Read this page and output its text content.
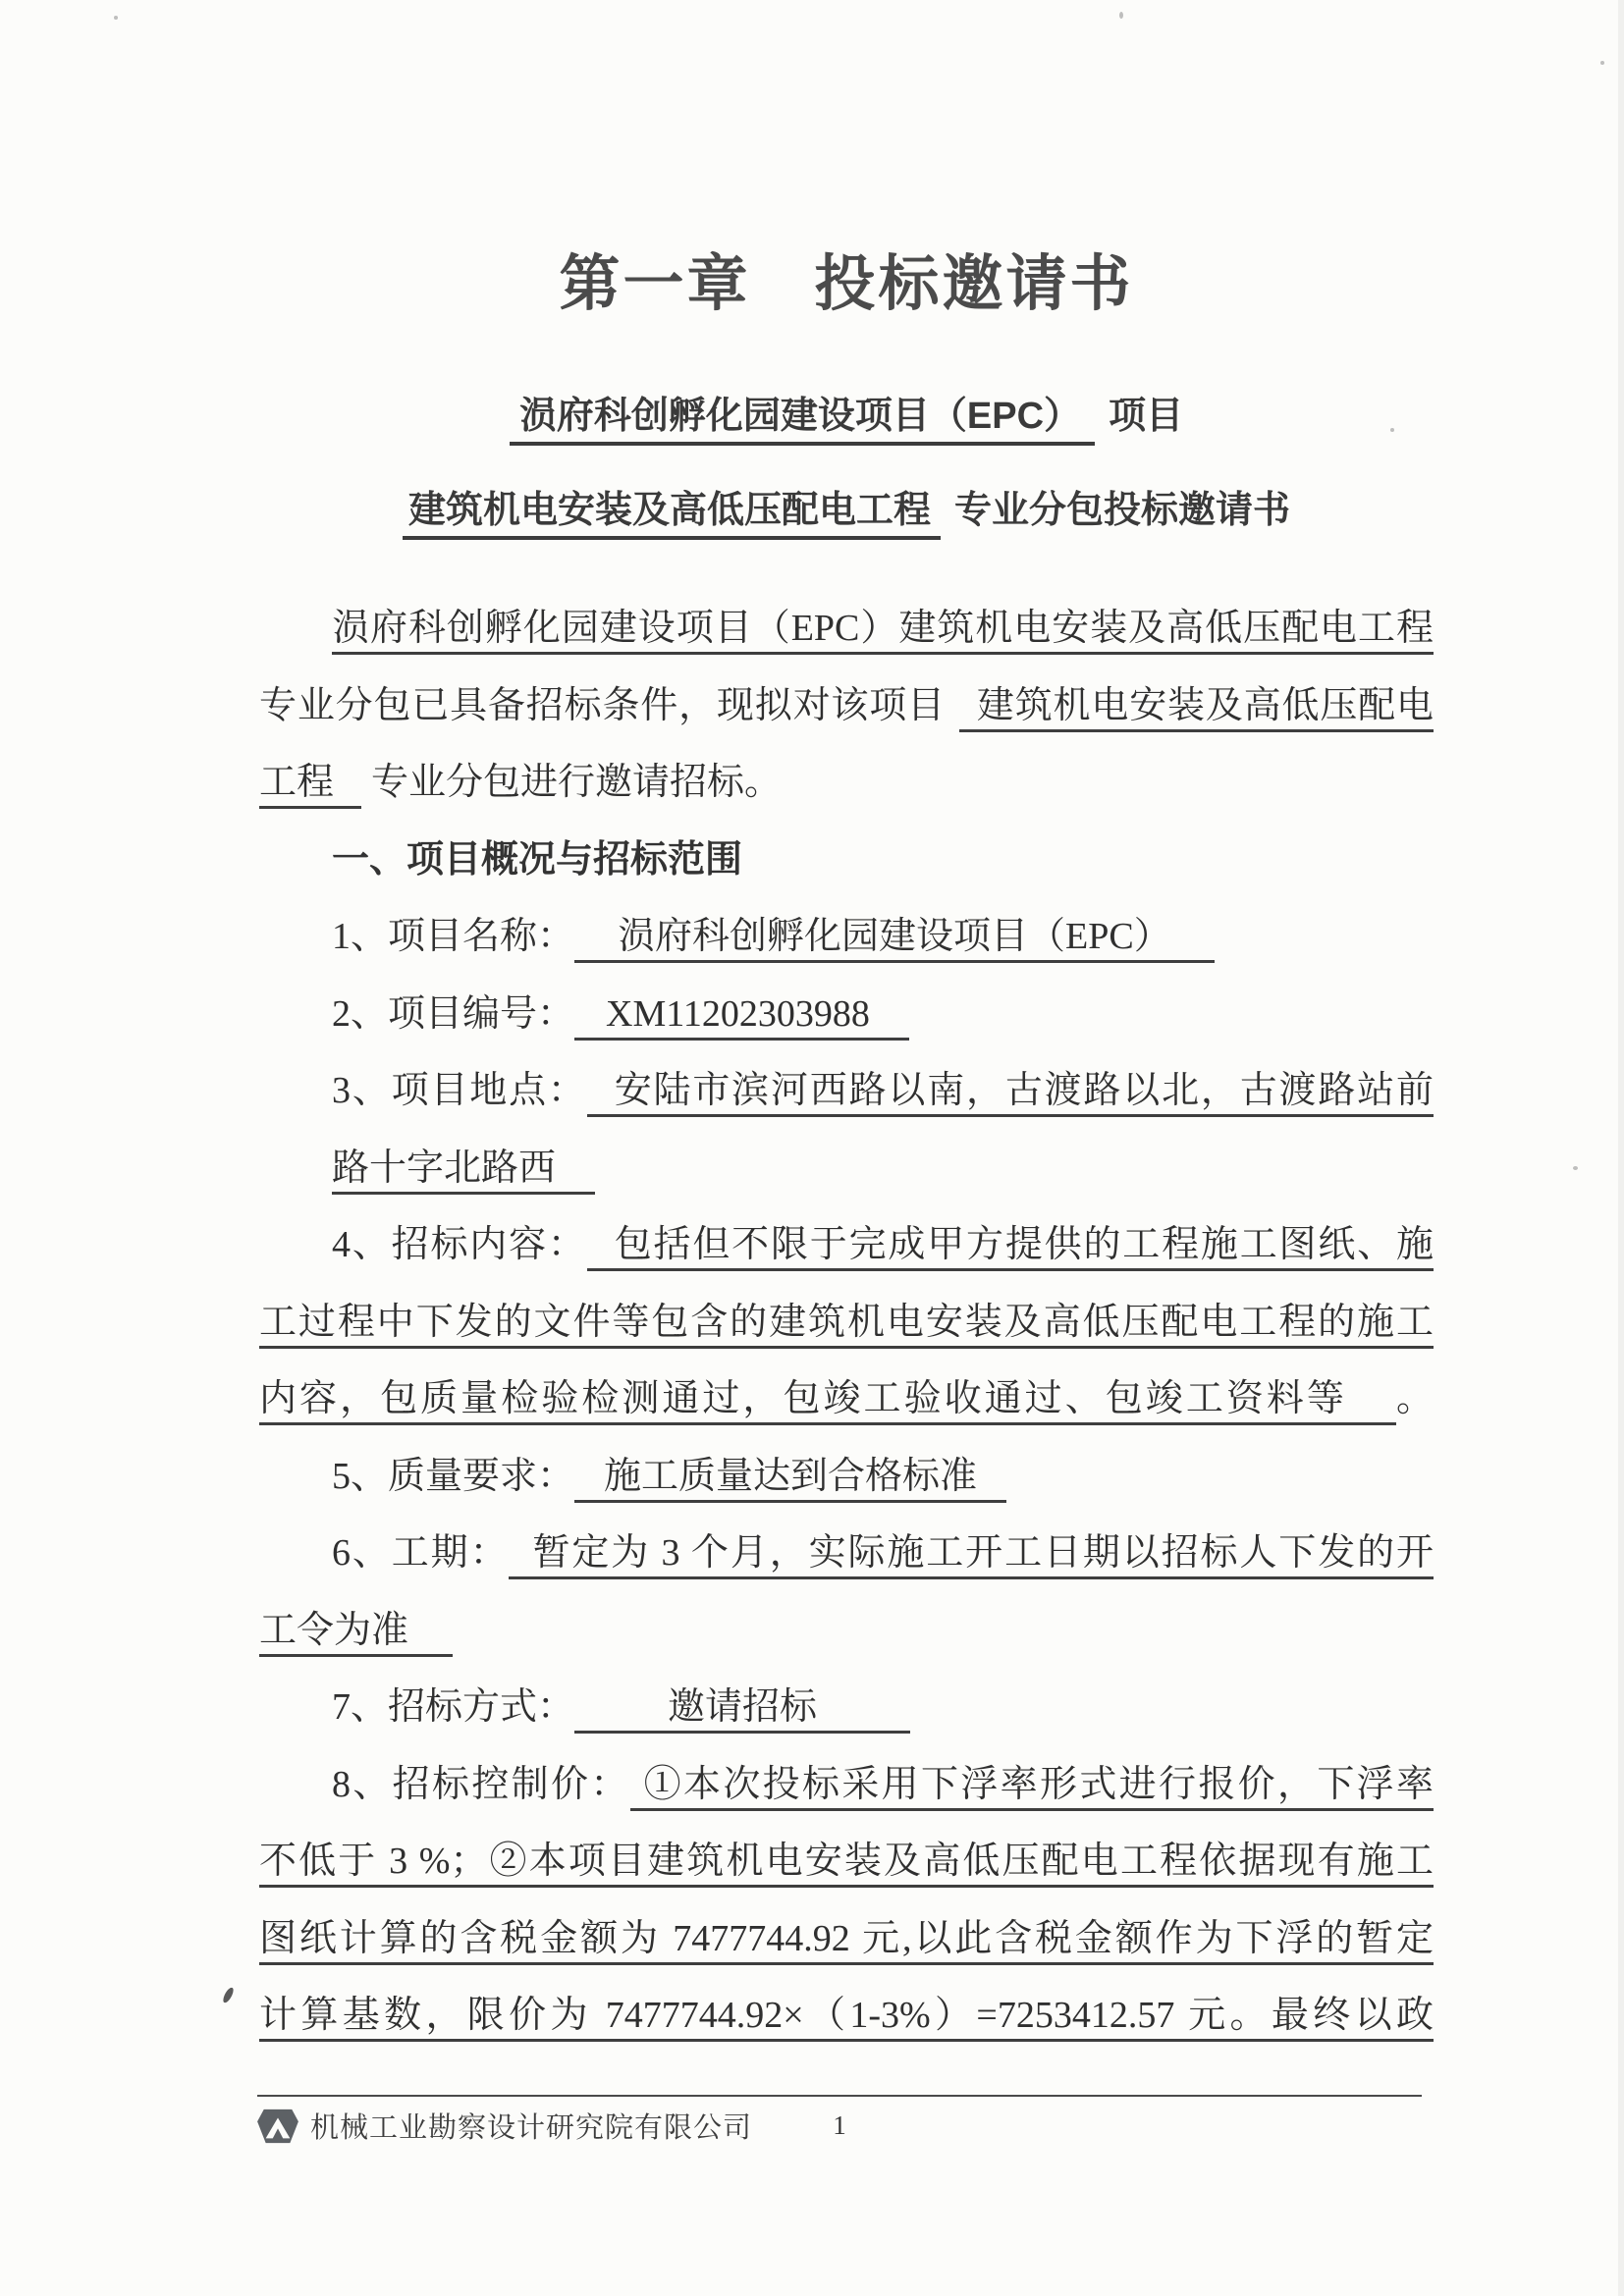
第一章　投标邀请书
涢府科创孵化园建设项目（EPC） 项目
建筑机电安装及高低压配电工程 专业分包投标邀请书
涢府科创孵化园建设项目（EPC）建筑机电安装及高低压配电工程
专业分包已具备招标条件，现拟对该项目 建筑机电安装及高低压配电
工程 专业分包进行邀请招标。
一、项目概况与招标范围
1、项目名称： 涢府科创孵化园建设项目（EPC）
2、项目编号： XM11202303988
3、项目地点： 安陆市滨河西路以南，古渡路以北，古渡路站前
路十字北路西
4、招标内容： 包括但不限于完成甲方提供的工程施工图纸、施
工过程中下发的文件等包含的建筑机电安装及高低压配电工程的施工
内容，包质量检验检测通过，包竣工验收通过、包竣工资料等 。
5、质量要求： 施工质量达到合格标准
6、工期： 暂定为 3 个月，实际施工开工日期以招标人下发的开
工令为准
7、招标方式：	邀请招标
8、招标控制价： ①本次投标采用下浮率形式进行报价，下浮率
不低于 3 %；②本项目建筑机电安装及高低压配电工程依据现有施工
图纸计算的含税金额为 7477744.92 元,以此含税金额作为下浮的暂定
计算基数，限价为 7477744.92×（1-3%）=7253412.57 元。最终以政
机械工业勘察设计研究院有限公司	1
